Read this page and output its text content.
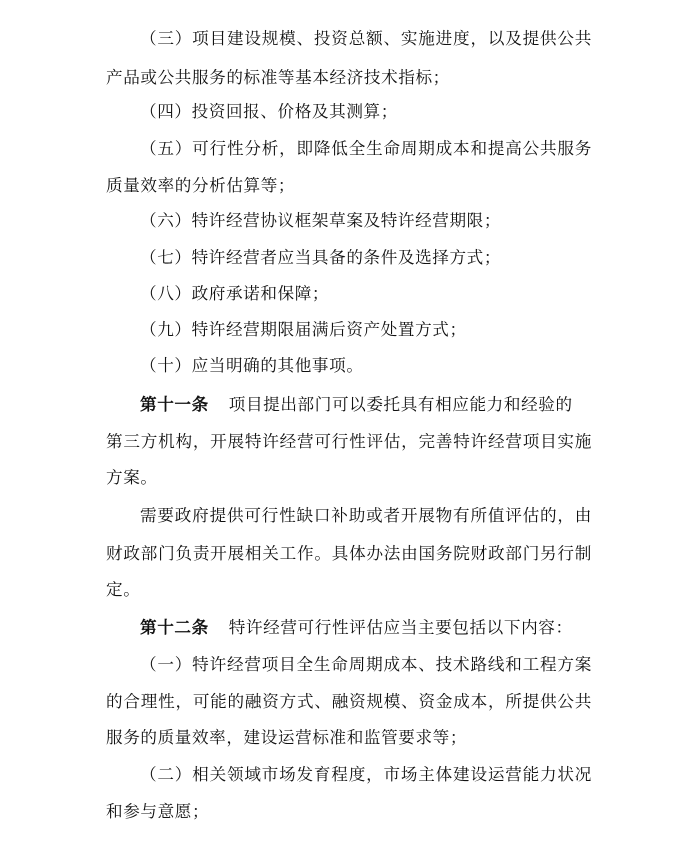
（三）项目建设规模、投资总额、实施进度，以及提供公共
产品或公共服务的标准等基本经济技术指标；
（四）投资回报、价格及其测算；
（五）可行性分析，即降低全生命周期成本和提高公共服务
质量效率的分析估算等；
（六）特许经营协议框架草案及特许经营期限；
（七）特许经营者应当具备的条件及选择方式；
（八）政府承诺和保障；
（九）特许经营期限届满后资产处置方式；
（十）应当明确的其他事项。
第十一条 项目提出部门可以委托具有相应能力和经验的
第三方机构，开展特许经营可行性评估，完善特许经营项目实施
方案。
需要政府提供可行性缺口补助或者开展物有所值评估的，由
财政部门负责开展相关工作。具体办法由国务院财政部门另行制
定。
第十二条 特许经营可行性评估应当主要包括以下内容：
（一）特许经营项目全生命周期成本、技术路线和工程方案
的合理性，可能的融资方式、融资规模、资金成本，所提供公共
服务的质量效率，建设运营标准和监管要求等；
（二）相关领域市场发育程度，市场主体建设运营能力状况
和参与意愿；
